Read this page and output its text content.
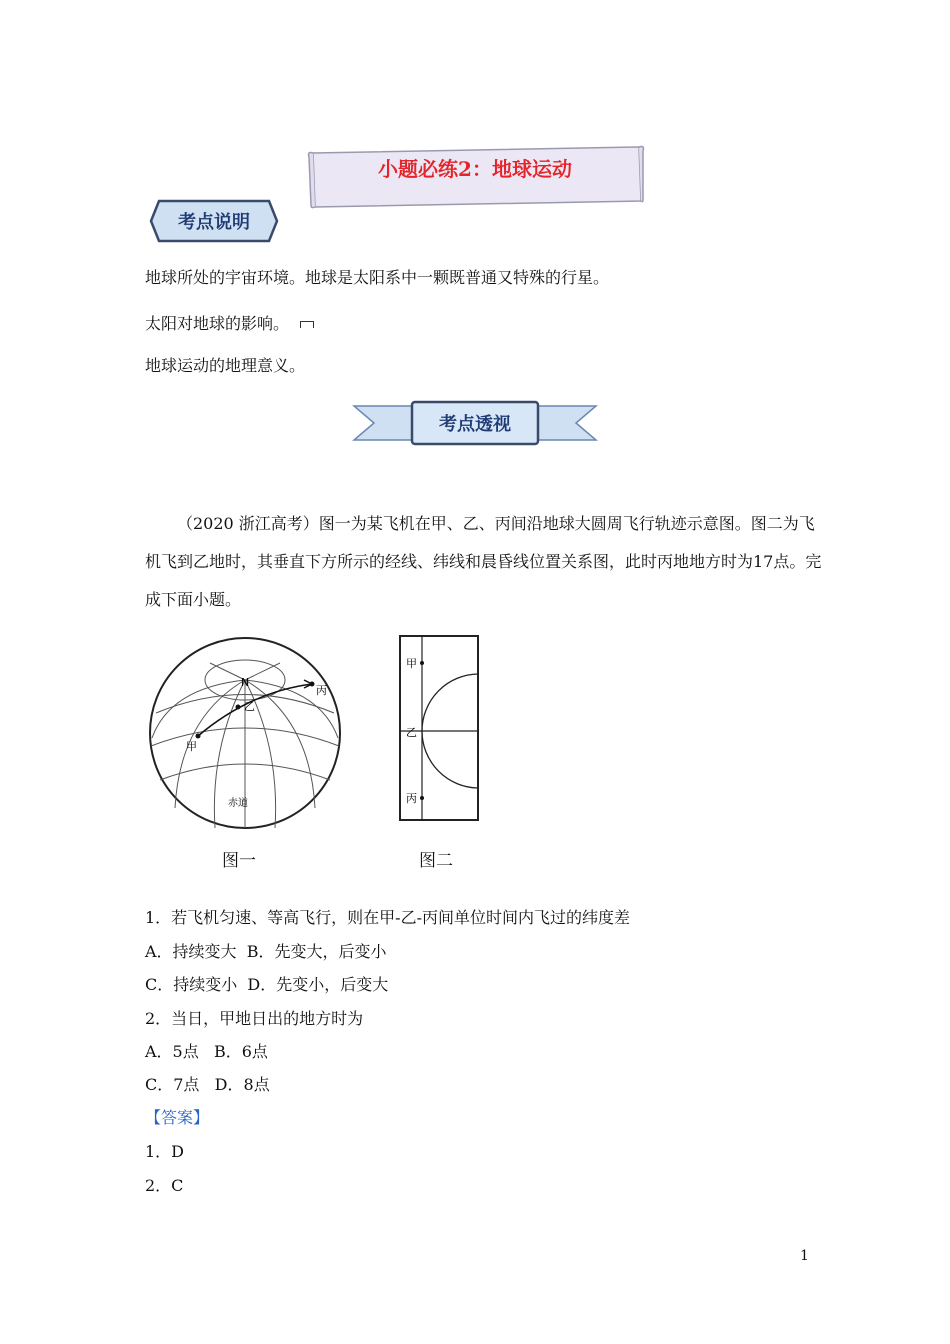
小题必练2：地球运动
考点说明
地球所处的宇宙环境。地球是太阳系中一颗既普通又特殊的行星。
太阳对地球的影响。
地球运动的地理意义。
考点透视
（2020 浙江高考）图一为某飞机在甲、乙、丙间沿地球大圆周飞行轨迹示意图。图二为飞机飞到乙地时，其垂直下方所示的经线、纬线和晨昏线位置关系图，此时丙地地方时为17点。完成下面小题。
N
甲
乙
丙
赤道
图一
甲
乙
丙
图二
1．若飞机匀速、等高飞行，则在甲-乙-丙间单位时间内飞过的纬度差
A．持续变大  B．先变大，后变小
C．持续变小  D．先变小，后变大
2．当日，甲地日出的地方时为
A．5点   B．6点
C．7点   D．8点
【答案】
1．D
2．C
1
